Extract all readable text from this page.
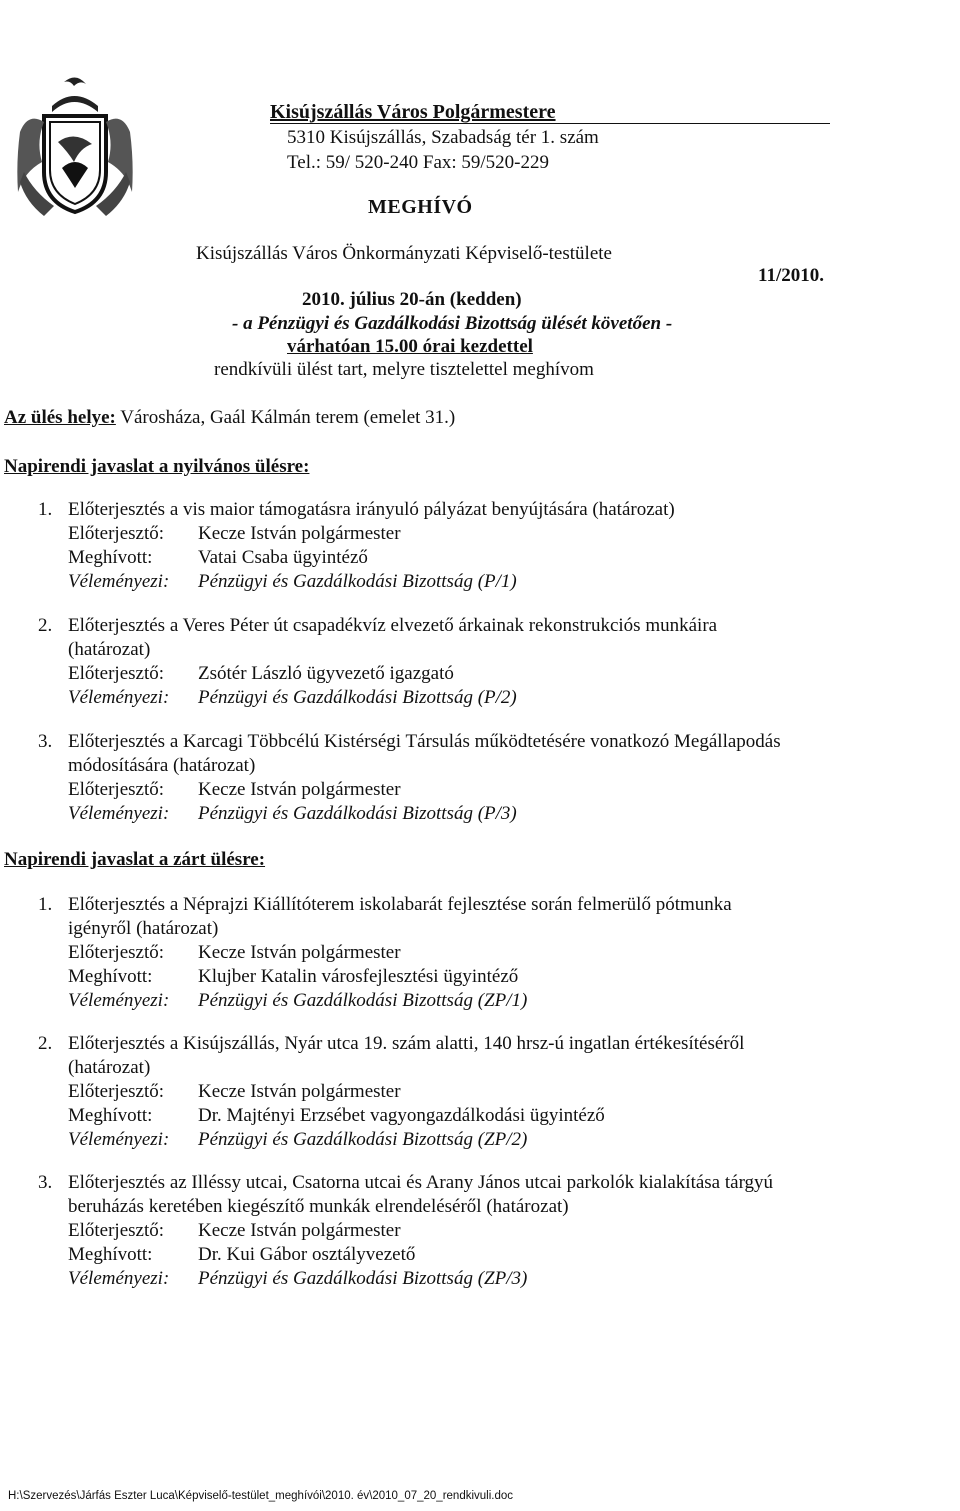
Kisújszállás Város Polgármestere
5310 Kisújszállás, Szabadság tér 1. szám
Tel.: 59/ 520-240 Fax: 59/520-229
MEGHÍVÓ
Kisújszállás Város Önkormányzati Képviselő-testülete
11/2010.
2010. július 20-án (kedden)
- a Pénzügyi és Gazdálkodási Bizottság ülését követően -
várhatóan 15.00 órai kezdettel
rendkívüli ülést tart, melyre tisztelettel meghívom
Az ülés helye: Városháza, Gaál Kálmán terem (emelet 31.)
Napirendi javaslat a nyilvános ülésre:
1. Előterjesztés a vis maior támogatásra irányuló pályázat benyújtására (határozat)
Előterjesztő: Kecze István polgármester
Meghívott: Vatai Csaba ügyintéző
Véleményezi: Pénzügyi és Gazdálkodási Bizottság (P/1)
2. Előterjesztés a Veres Péter út csapadékvíz elvezető árkainak rekonstrukciós munkáira
(határozat)
Előterjesztő: Zsótér László ügyvezető igazgató
Véleményezi: Pénzügyi és Gazdálkodási Bizottság (P/2)
3. Előterjesztés a Karcagi Többcélú Kistérségi Társulás működtetésére vonatkozó Megállapodás
módosítására (határozat)
Előterjesztő: Kecze István polgármester
Véleményezi: Pénzügyi és Gazdálkodási Bizottság (P/3)
Napirendi javaslat a zárt ülésre:
1. Előterjesztés a Néprajzi Kiállítóterem iskolabarát fejlesztése során felmerülő pótmunka
igényről (határozat)
Előterjesztő: Kecze István polgármester
Meghívott: Klujber Katalin városfejlesztési ügyintéző
Véleményezi: Pénzügyi és Gazdálkodási Bizottság (ZP/1)
2. Előterjesztés a Kisújszállás, Nyár utca 19. szám alatti, 140 hrsz-ú ingatlan értékesítéséről
(határozat)
Előterjesztő: Kecze István polgármester
Meghívott: Dr. Majtényi Erzsébet vagyongazdálkodási ügyintéző
Véleményezi: Pénzügyi és Gazdálkodási Bizottság (ZP/2)
3. Előterjesztés az Illéssy utcai, Csatorna utcai és Arany János utcai parkolók kialakítása tárgyú
beruházás keretében kiegészítő munkák elrendeléséről (határozat)
Előterjesztő: Kecze István polgármester
Meghívott: Dr. Kui Gábor osztályvezető
Véleményezi: Pénzügyi és Gazdálkodási Bizottság (ZP/3)
H:\Szervezés\Járfás Eszter Luca\Képviselő-testület_meghívói\2010. év\2010_07_20_rendkivuli.doc
